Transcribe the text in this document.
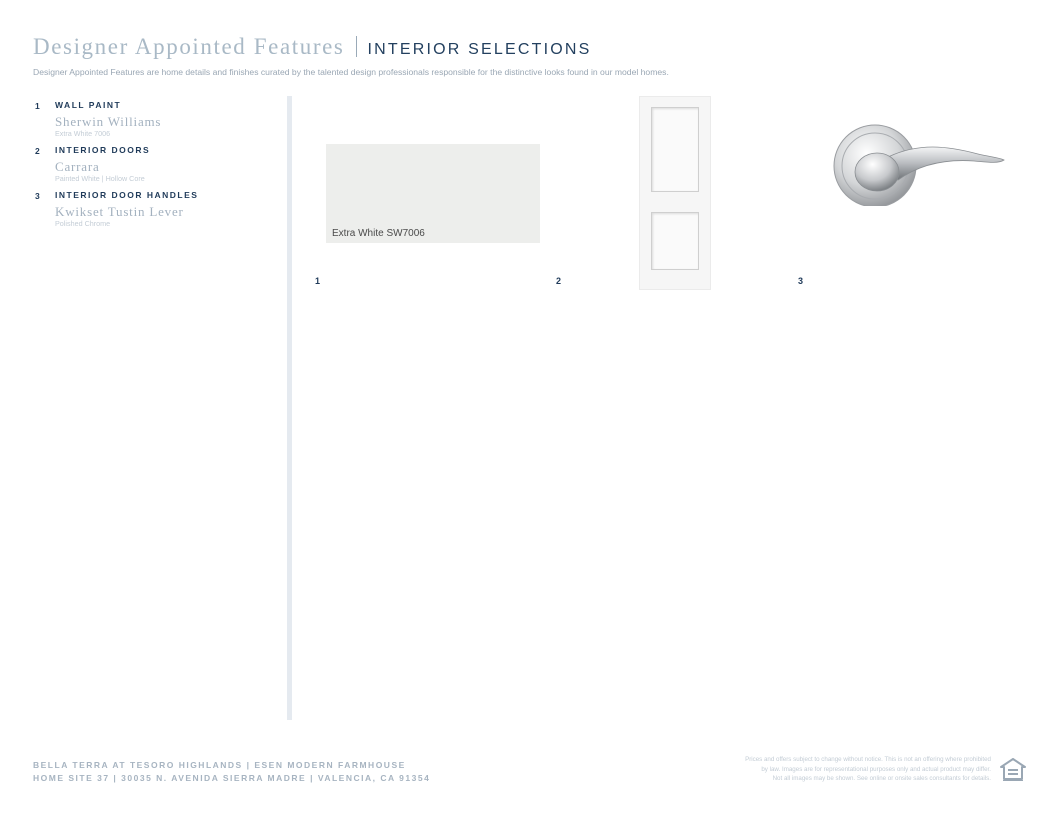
Designer Appointed Features INTERIOR SELECTIONS
Designer Appointed Features are home details and finishes curated by the talented design professionals responsible for the distinctive looks found in our model homes.
1 WALL PAINT
Sherwin Williams
Extra White 7006
2 INTERIOR DOORS
Carrara
Painted White | Hollow Core
3 INTERIOR DOOR HANDLES
Kwikset Tustin Lever
Polished Chrome
Extra White SW7006
1	2	3
BELLA TERRA AT TESORO HIGHLANDS | ESEN MODERN FARMHOUSE
HOME SITE 37 | 30035 N. AVENIDA SIERRA MADRE | VALENCIA, CA 91354
Prices and offers subject to change without notice. This is not an offering where prohibited
by law. Images are for representational purposes only and actual product may differ.
Not all images may be shown. See online or onsite sales consultants for details.
